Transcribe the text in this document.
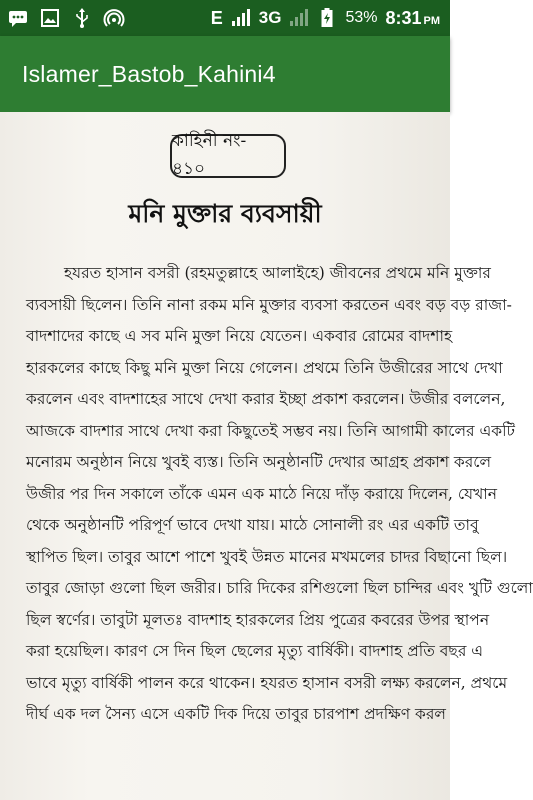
E 3G	53% 8:31 PM
Islamer_Bastob_Kahini4
কাহিনী নং- ৪১০
মনি মুক্তার ব্যবসায়ী
হযরত হাসান বসরী (রহমতুল্লাহে আলাইহে) জীবনের প্রথমে মনি মুক্তার
ব্যবসায়ী ছিলেন। তিনি নানা রকম মনি মুক্তার ব্যবসা করতেন এবং বড় বড় রাজা-
বাদশাদের কাছে এ সব মনি মুক্তা নিয়ে যেতেন। একবার রোমের বাদশাহ
হারকলের কাছে কিছু মনি মুক্তা নিয়ে গেলেন। প্রথমে তিনি উজীরের সাথে দেখা
করলেন এবং বাদশাহের সাথে দেখা করার ইচ্ছা প্রকাশ করলেন। উজীর বললেন,
আজকে বাদশার সাথে দেখা করা কিছুতেই সম্ভব নয়। তিনি আগামী কালের একটি
মনোরম অনুষ্ঠান নিয়ে খুবই ব্যস্ত। তিনি অনুষ্ঠানটি দেখার আগ্রহ প্রকাশ করলে
উজীর পর দিন সকালে তাঁকে এমন এক মাঠে নিয়ে দাঁড় করায়ে দিলেন, যেখান
থেকে অনুষ্ঠানটি পরিপূর্ণ ভাবে দেখা যায়। মাঠে সোনালী রং এর একটি তাবু
স্থাপিত ছিল। তাবুর আশে পাশে খুবই উন্নত মানের মখমলের চাদর বিছানো ছিল।
তাবুর জোড়া গুলো ছিল জরীর। চারি দিকের রশিগুলো ছিল চান্দির এবং খুটি গুলো
ছিল স্বর্ণের। তাবুটা মূলতঃ বাদশাহ হারকলের প্রিয় পুত্রের কবরের উপর স্থাপন
করা হয়েছিল। কারণ সে দিন ছিল ছেলের মৃত্যু বার্ষিকী। বাদশাহ প্রতি বছর এ
ভাবে মৃত্যু বার্ষিকী পালন করে থাকেন। হযরত হাসান বসরী লক্ষ্য করলেন, প্রথমে
দীর্ঘ এক দল সৈন্য এসে একটি দিক দিয়ে তাবুর চারপাশ প্রদক্ষিণ করল
